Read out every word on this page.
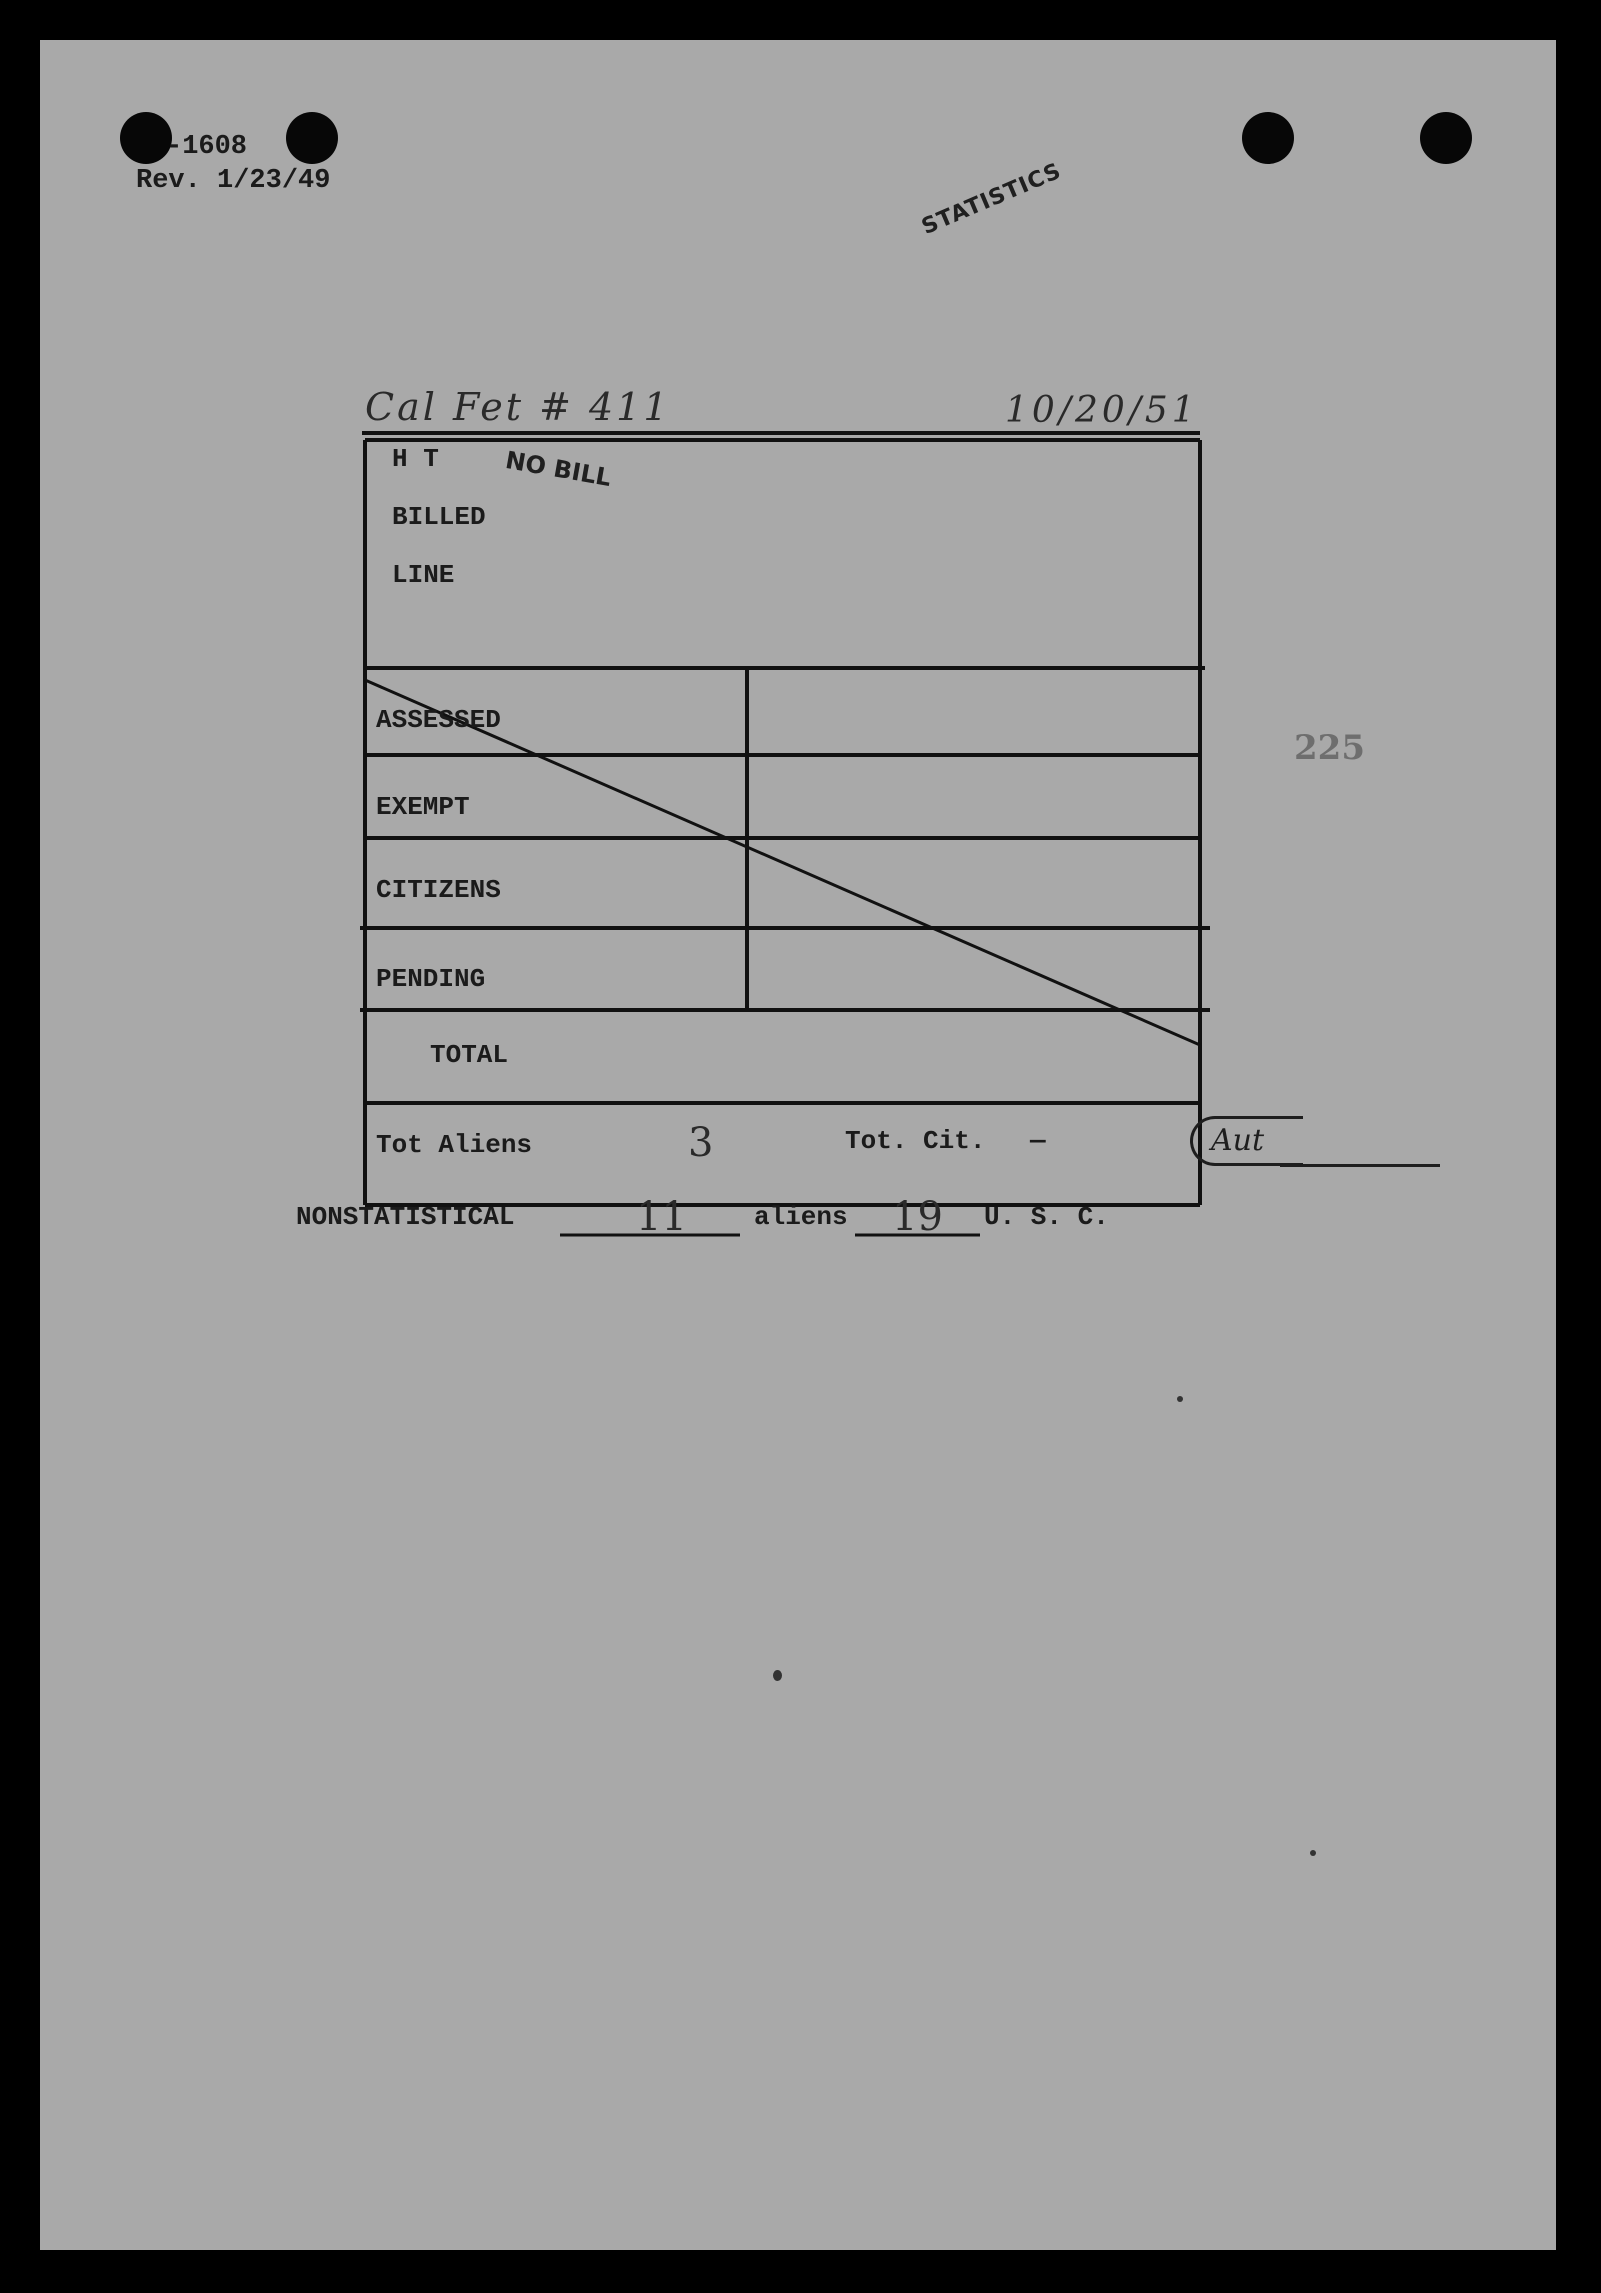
-1608
Rev. 1/23/49	STATISTICS
Cal Fet # 411	10/20/51
225
NO BILL
H T
BILLED
LINE
ASSESSED
EXEMPT
CITIZENS
PENDING
TOTAL
Tot Aliens	3	Tot. Cit. —	Aut
NONSTATISTICAL	11	aliens 19 U. S. C.
